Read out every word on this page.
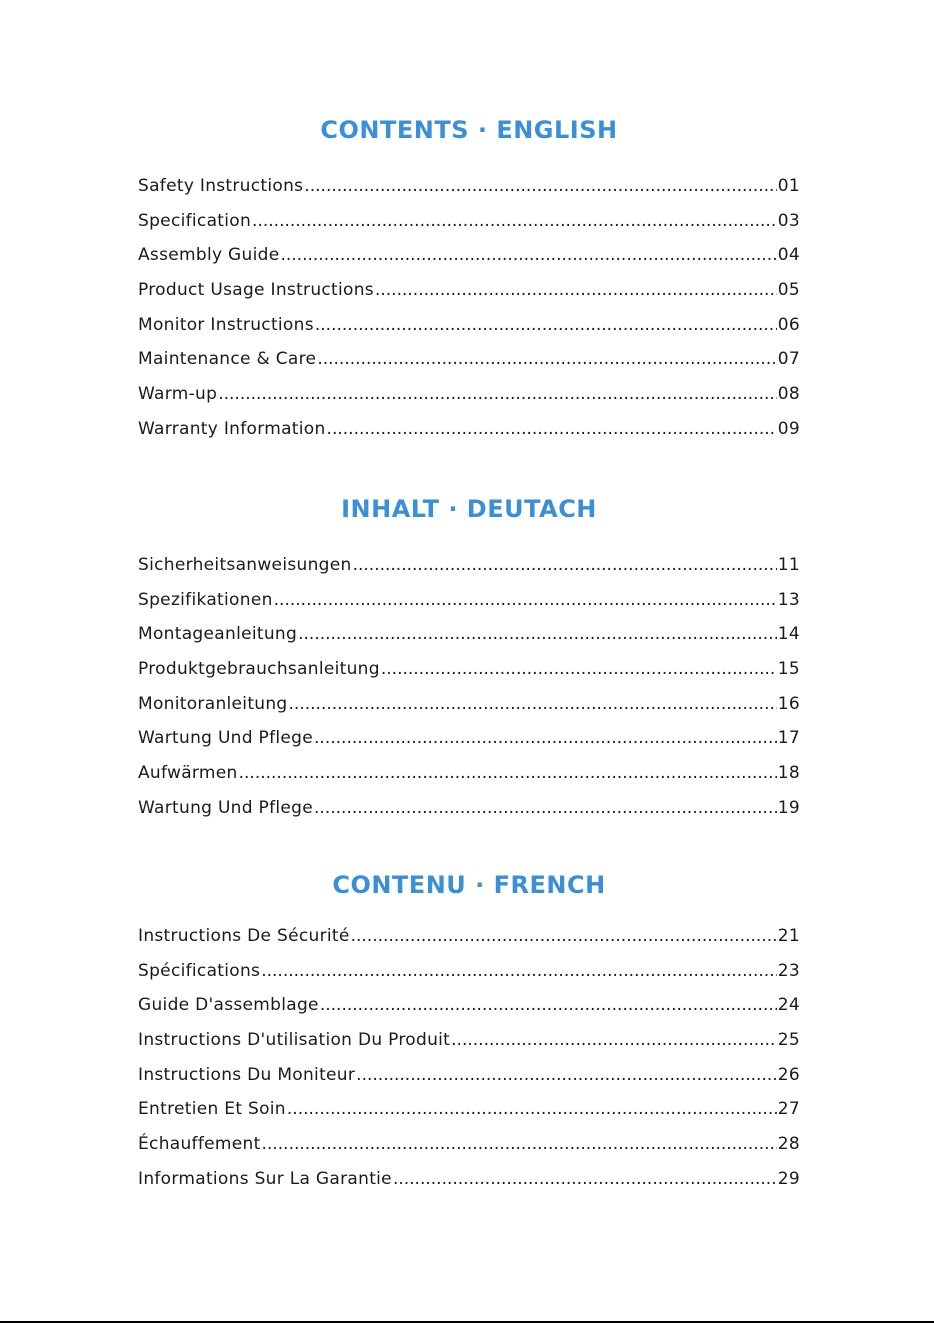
CONTENTS · ENGLISH
Safety Instructions .....	01
Specification .....	03
Assembly Guide .....	04
Product Usage Instructions .....	05
Monitor Instructions .....	06
Maintenance & Care .....	07
Warm-up .....	08
Warranty Information .....	09
INHALT · DEUTACH
Sicherheitsanweisungen .....	11
Spezifikationen .....	13
Montageanleitung .....	14
Produktgebrauchsanleitung .....	15
Monitoranleitung .....	16
Wartung Und Pflege .....	17
Aufwärmen .....	18
Wartung Und Pflege .....	19
CONTENU · FRENCH
Instructions De Sécurité .....	21
Spécifications .....	23
Guide D'assemblage .....	24
Instructions D'utilisation Du Produit .....	25
Instructions Du Moniteur .....	26
Entretien Et Soin .....	27
Échauffement .....	28
Informations Sur La Garantie .....	29
